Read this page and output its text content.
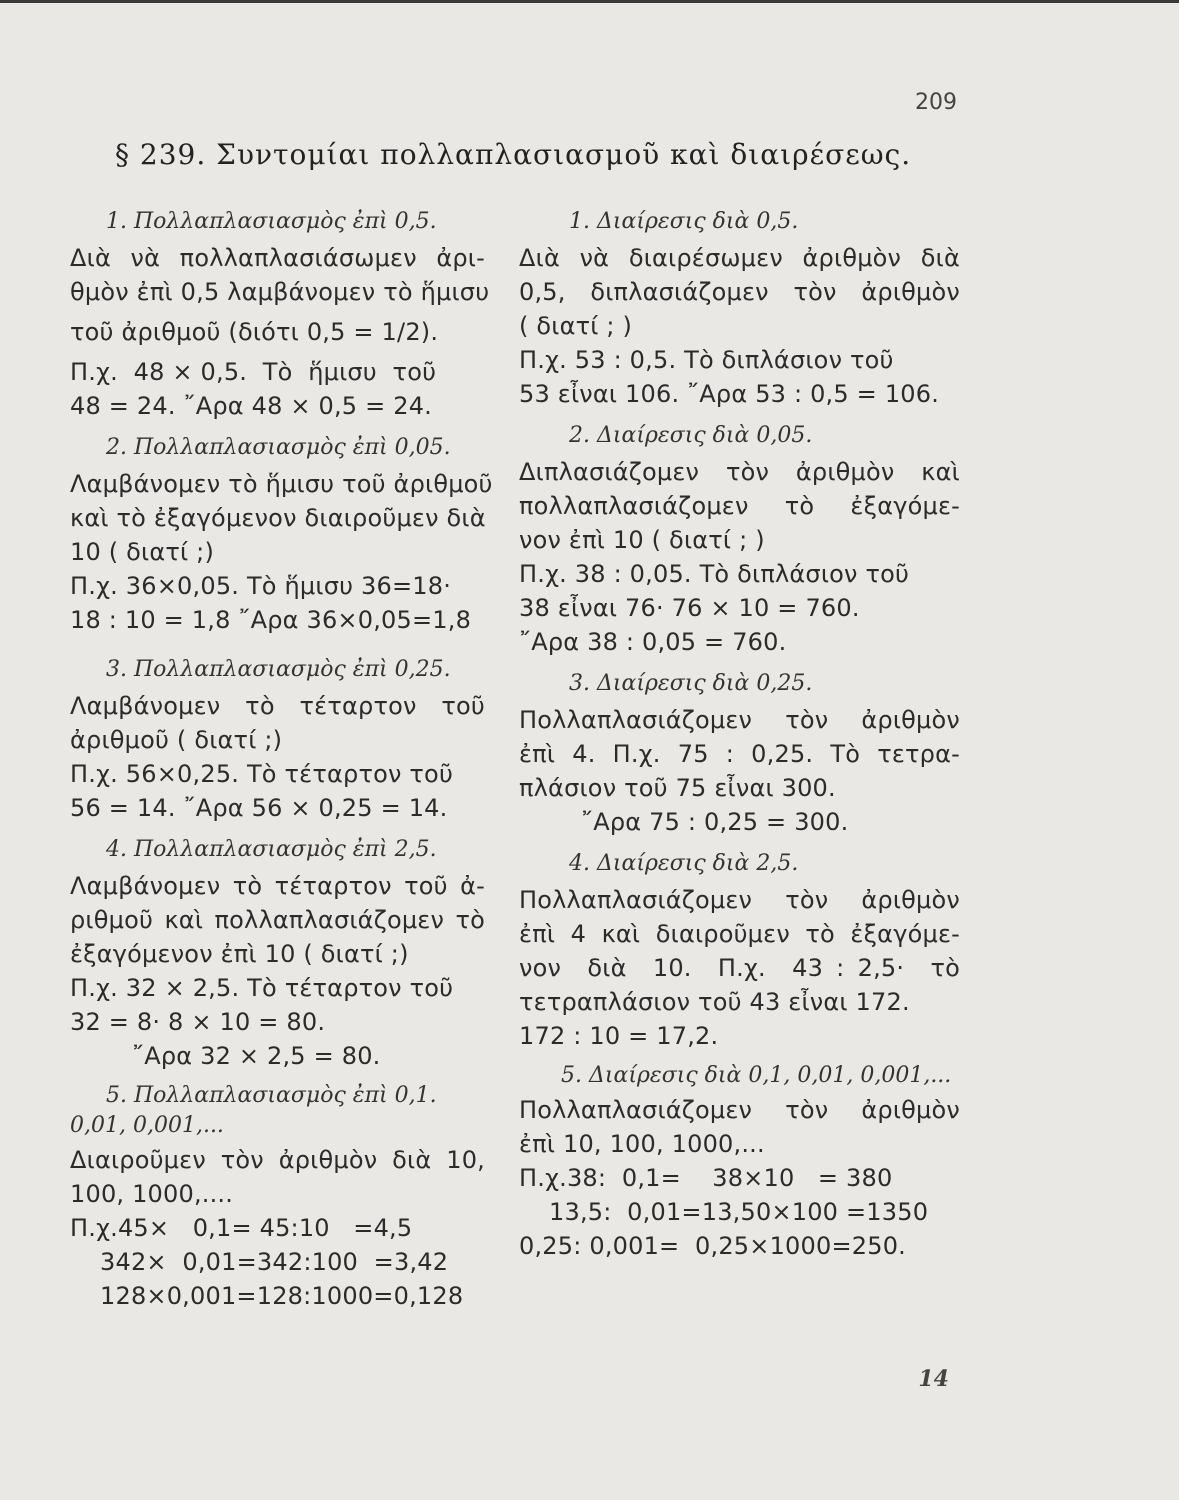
209
§ 239. Συντομίαι πολλαπλασιασμοῦ καὶ διαιρέσεως.
1. Πολλαπλασιασμὸς ἐπὶ 0,5.
Διὰ νὰ πολλαπλασιάσωμεν ἀρι-
θμὸν ἐπὶ 0,5 λαμβάνομεν τὸ ἥμισυ
τοῦ ἀριθμοῦ (διότι 0,5 = 1/2).
Π.χ.  48 × 0,5.  Τὸ  ἥμισυ  τοῦ
48 = 24. ῎Αρα 48 × 0,5 = 24.
2. Πολλαπλασιασμὸς ἐπὶ 0,05.
Λαμβάνομεν τὸ ἥμισυ τοῦ ἀριθμοῦ
καὶ τὸ ἐξαγόμενον διαιροῦμεν διὰ
10 ( διατί ;)
Π.χ. 36×0,05. Τὸ ἥμισυ 36=18·
18 : 10 = 1,8 ῎Αρα 36×0,05=1,8
3. Πολλαπλασιασμὸς ἐπὶ 0,25.
Λαμβάνομεν  τὸ  τέταρτον  τοῦ
ἀριθμοῦ ( διατί ;)
Π.χ. 56×0,25. Τὸ τέταρτον τοῦ
56 = 14. ῎Αρα 56 × 0,25 = 14.
4. Πολλαπλασιασμὸς ἐπὶ 2,5.
Λαμβάνομεν τὸ τέταρτον τοῦ ἀ-
ριθμοῦ καὶ πολλαπλασιάζομεν τὸ
ἐξαγόμενον ἐπὶ 10 ( διατί ;)
Π.χ. 32 × 2,5. Τὸ τέταρτον τοῦ
32 = 8· 8 × 10 = 80.
῎Αρα 32 × 2,5 = 80.
5. Πολλαπλασιασμὸς ἐπὶ 0,1. 0,01, 0,001,...
Διαιροῦμεν τὸν ἀριθμὸν διὰ 10,
100, 1000,....
Π.χ.45×   0,1= 45:10   =4,5
342×  0,01=342:100  =3,42
128×0,001=128:1000=0,128
1. Διαίρεσις διὰ 0,5.
Διὰ νὰ διαιρέσωμεν ἀριθμὸν διὰ
0,5, διπλασιάζομεν τὸν ἀριθμὸν
( διατί ; )
Π.χ. 53 : 0,5. Τὸ διπλάσιον τοῦ
53 εἶναι 106. ῎Αρα 53 : 0,5 = 106.
2. Διαίρεσις διὰ 0,05.
Διπλασιάζομεν  τὸν  ἀριθμὸν  καὶ
πολλαπλασιάζομεν  τὸ  ἐξαγόμε-
νον ἐπὶ 10 ( διατί ; )
Π.χ. 38 : 0,05. Τὸ διπλάσιον τοῦ
38 εἶναι 76· 76 × 10 = 760.
῎Αρα 38 : 0,05 = 760.
3. Διαίρεσις διὰ 0,25.
Πολλαπλασιάζομεν  τὸν  ἀριθμὸν
ἐπὶ 4. Π.χ. 75 : 0,25. Τὸ τετρα-
πλάσιον τοῦ 75 εἶναι 300.
῎Αρα 75 : 0,25 = 300.
4. Διαίρεσις διὰ 2,5.
Πολλαπλασιάζομεν  τὸν  ἀριθμὸν
ἐπὶ 4 καὶ διαιροῦμεν τὸ ἐξαγόμε-
νον  διὰ  10.  Π.χ.  43 : 2,5·  τὸ
τετραπλάσιον τοῦ 43 εἶναι 172.
172 : 10 = 17,2.
5. Διαίρεσις διὰ 0,1, 0,01, 0,001,...
Πολλαπλασιάζομεν  τὸν  ἀριθμὸν
ἐπὶ 10, 100, 1000,...
Π.χ.38:  0,1=    38×10   = 380
13,5:  0,01=13,50×100 =1350
0,25: 0,001=  0,25×1000=250.
14
